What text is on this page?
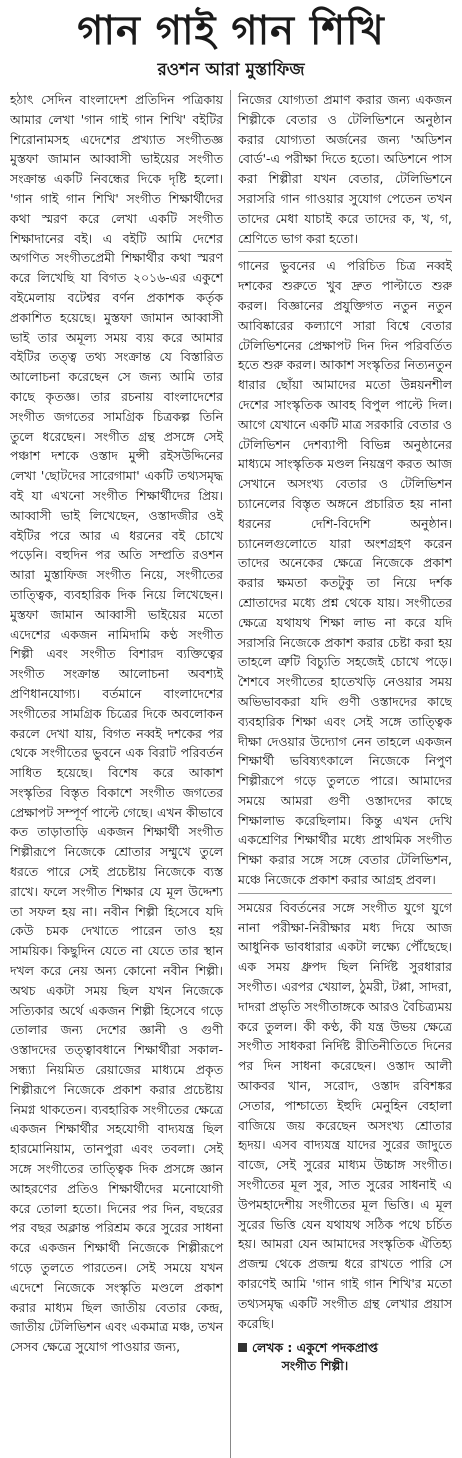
গান গাই গান শিখি
রওশন আরা মুস্তাফিজ

হঠাৎ সেদিন বাংলাদেশ প্রতিদিন পত্রিকায় আমার লেখা 'গান গাই গান শিখি' বইটির শিরোনামসহ এদেশের প্রখ্যাত সংগীতজ্ঞ মুস্তফা জামান আব্বাসী ভাইয়ের সংগীত সংক্রান্ত একটি নিবন্ধের দিকে দৃষ্টি হলো। 'গান গাই গান শিখি' সংগীত শিক্ষার্থীদের কথা স্মরণ করে লেখা একটি সংগীত শিক্ষাদানের বই। এ বইটি আমি দেশের অগণিত সংগীতপ্রেমী শিক্ষার্থীর কথা স্মরণ করে লিখেছি যা বিগত ২০১৬-এর একুশে বইমেলায় বটেশ্বর বর্ণন প্রকাশক কর্তৃক প্রকাশিত হয়েছে। মুস্তফা জামান আব্বাসী ভাই তার অমূল্য সময় ব্যয় করে আমার বইটির তত্ত্ব তথ্য সংক্রান্ত যে বিস্তারিত আলোচনা করেছেন সে জন্য আমি তার কাছে কৃতজ্ঞ। তার রচনায় বাংলাদেশের সংগীত জগতের সামগ্রিক চিত্রকল্প তিনি তুলে ধরেছেন। সংগীত গ্রন্থ প্রসঙ্গে সেই পঞ্চাশ দশকে ওস্তাদ মুন্সী রইসউদ্দিনের লেখা 'ছোটদের সারেগামা' একটি তথ্যসমৃদ্ধ বই যা এখনো সংগীত শিক্ষার্থীদের প্রিয়। আব্বাসী ভাই লিখেছেন, ওস্তাদজীর ওই বইটির পরে আর এ ধরনের বই চোখে পড়েনি। বহুদিন পর অতি সম্প্রতি রওশন আরা মুস্তাফিজ সংগীত নিয়ে, সংগীতের তাত্ত্বিক, ব্যবহারিক দিক নিয়ে লিখেছেন। মুস্তফা জামান আব্বাসী ভাইয়ের মতো এদেশের একজন নামিদামি কণ্ঠ সংগীত শিল্পী এবং সংগীত বিশারদ ব্যক্তিত্বের সংগীত সংক্রান্ত আলোচনা অবশ্যই প্রণিধানযোগ্য। বর্তমানে বাংলাদেশের সংগীতের সামগ্রিক চিত্রের দিকে অবলোকন করলে দেখা যায়, বিগত নব্বই দশকের পর থেকে সংগীতের ভুবনে এক বিরাট পরিবর্তন সাধিত হয়েছে। বিশেষ করে আকাশ সংস্কৃতির বিস্তৃত বিকাশে সংগীত জগতের প্রেক্ষাপট সম্পূর্ণ পাল্টে গেছে। এখন কীভাবে কত তাড়াতাড়ি একজন শিক্ষার্থী সংগীত শিল্পীরূপে নিজেকে শ্রোতার সম্মুখে তুলে ধরতে পারে সেই প্রচেষ্টায় নিজেকে ব্যস্ত রাখে। ফলে সংগীত শিক্ষার যে মূল উদ্দেশ্য তা সফল হয় না। নবীন শিল্পী হিসেবে যদি কেউ চমক দেখাতে পারেন তাও হয় সাময়িক। কিছুদিন যেতে না যেতে তার স্থান দখল করে নেয় অন্য কোনো নবীন শিল্পী। অথচ একটা সময় ছিল যখন নিজেকে সত্যিকার অর্থে একজন শিল্পী হিসেবে গড়ে তোলার জন্য দেশের জ্ঞানী ও গুণী ওস্তাদদের তত্ত্বাবধানে শিক্ষার্থীরা সকাল-সন্ধ্যা নিয়মিত রেয়াজের মাধ্যমে প্রকৃত শিল্পীরূপে নিজেকে প্রকাশ করার প্রচেষ্টায় নিমগ্ন থাকতেন। ব্যবহারিক সংগীতের ক্ষেত্রে একজন শিক্ষার্থীর সহযোগী বাদ্যযন্ত্র ছিল হারমোনিয়াম, তানপুরা এবং তবলা। সেই সঙ্গে সংগীতের তাত্ত্বিক দিক প্রসঙ্গে জ্ঞান আহরণের প্রতিও শিক্ষার্থীদের মনোযোগী করে তোলা হতো। দিনের পর দিন, বছরের পর বছর অক্লান্ত পরিশ্রম করে সুরের সাধনা করে একজন শিক্ষার্থী নিজেকে শিল্পীরূপে গড়ে তুলতে পারতেন। সেই সময়ে যখন এদেশে নিজেকে সংস্কৃতি মণ্ডলে প্রকাশ করার মাধ্যম ছিল জাতীয় বেতার কেন্দ্র, জাতীয় টেলিভিশন এবং একমাত্র মঞ্চ, তখন সেসব ক্ষেত্রে সুযোগ পাওয়ার জন্য,

নিজের যোগ্যতা প্রমাণ করার জন্য একজন শিল্পীকে বেতার ও টেলিভিশনে অনুষ্ঠান করার যোগ্যতা অর্জনের জন্য 'অডিশন বোর্ড'-এ পরীক্ষা দিতে হতো। অডিশনে পাস করা শিল্পীরা যখন বেতার, টেলিভিশনে সরাসরি গান গাওয়ার সুযোগ পেতেন তখন তাদের মেধা যাচাই করে তাদের ক, খ, গ, শ্রেণিতে ভাগ করা হতো।

গানের ভুবনের এ পরিচিত চিত্র নব্বই দশকের শুরুতে খুব দ্রুত পাল্টাতে শুরু করল। বিজ্ঞানের প্রযুক্তিগত নতুন নতুন আবিষ্কারের কল্যাণে সারা বিশ্বে বেতার টেলিভিশনের প্রেক্ষাপট দিন দিন পরিবর্তিত হতে শুরু করল। আকাশ সংস্কৃতির নিত্যনতুন ধারার ছোঁয়া আমাদের মতো উন্নয়নশীল দেশের সাংস্কৃতিক আবহ বিপুল পাল্টে দিল। আগে যেখানে একটি মাত্র সরকারি বেতার ও টেলিভিশন দেশব্যাপী বিভিন্ন অনুষ্ঠানের মাধ্যমে সাংস্কৃতিক মণ্ডল নিয়ন্ত্রণ করত আজ সেখানে অসংখ্য বেতার ও টেলিভিশন চ্যানেলের বিস্তৃত অঙ্গনে প্রচারিত হয় নানা ধরনের দেশি-বিদেশি অনুষ্ঠান। চ্যানেলগুলোতে যারা অংশগ্রহণ করেন তাদের অনেকের ক্ষেত্রে নিজেকে প্রকাশ করার ক্ষমতা কতটুকু তা নিয়ে দর্শক শ্রোতাদের মধ্যে প্রশ্ন থেকে যায়। সংগীতের ক্ষেত্রে যথাযথ শিক্ষা লাভ না করে যদি সরাসরি নিজেকে প্রকাশ করার চেষ্টা করা হয় তাহলে ত্রুটি বিচ্যুতি সহজেই চোখে পড়ে। শৈশবে সংগীতের হাতেখড়ি নেওয়ার সময় অভিভাবকরা যদি গুণী ওস্তাদদের কাছে ব্যবহারিক শিক্ষা এবং সেই সঙ্গে তাত্ত্বিক দীক্ষা দেওয়ার উদ্যোগ নেন তাহলে একজন শিক্ষার্থী ভবিষ্যৎকালে নিজেকে নিপুণ শিল্পীরূপে গড়ে তুলতে পারে। আমাদের সময়ে আমরা গুণী ওস্তাদদের কাছে শিক্ষালাভ করেছিলাম। কিন্তু এখন দেখি একশ্রেণির শিক্ষার্থীর মধ্যে প্রাথমিক সংগীত শিক্ষা করার সঙ্গে সঙ্গে বেতার টেলিভিশন, মঞ্চে নিজেকে প্রকাশ করার আগ্রহ প্রবল।

সময়ের বিবর্তনের সঙ্গে সংগীত যুগে যুগে নানা পরীক্ষা-নিরীক্ষার মধ্য দিয়ে আজ আধুনিক ভাবধারার একটা লক্ষ্যে পৌঁছেছে। এক সময় ধ্রুপদ ছিল নির্দিষ্ট সুরধারার সংগীত। এরপর খেয়াল, ঠুমরী, টপ্পা, সাদরা, দাদরা প্রভৃতি সংগীতাঙ্গকে আরও বৈচিত্র্যময় করে তুলল। কী কণ্ঠ, কী যন্ত্র উভয় ক্ষেত্রে সংগীত সাধকরা নির্দিষ্ট রীতিনীতিতে দিনের পর দিন সাধনা করেছেন। ওস্তাদ আলী আকবর খান, সরোদ, ওস্তাদ রবিশঙ্কর সেতার, পাশ্চাত্যে ইহুদি মেনুহিন বেহালা বাজিয়ে জয় করেছেন অসংখ্য শ্রোতার হৃদয়। এসব বাদ্যযন্ত্র যাদের সুরের জাদুতে বাজে, সেই সুরের মাধ্যম উচ্চাঙ্গ সংগীত। সংগীতের মূল সুর, সাত সুরের সাধনাই এ উপমহাদেশীয় সংগীতের মূল ভিত্তি। এ মূল সুরের ভিত্তি যেন যথাযথ সঠিক পথে চর্চিত হয়। আমরা যেন আমাদের সংস্কৃতিক ঐতিহ্য প্রজন্ম থেকে প্রজন্ম ধরে রাখতে পারি সে কারণেই আমি 'গান গাই গান শিখি'র মতো তথ্যসমৃদ্ধ একটি সংগীত গ্রন্থ লেখার প্রয়াস করেছি।

লেখক : একুশে পদকপ্রাপ্ত
সংগীত শিল্পী।
